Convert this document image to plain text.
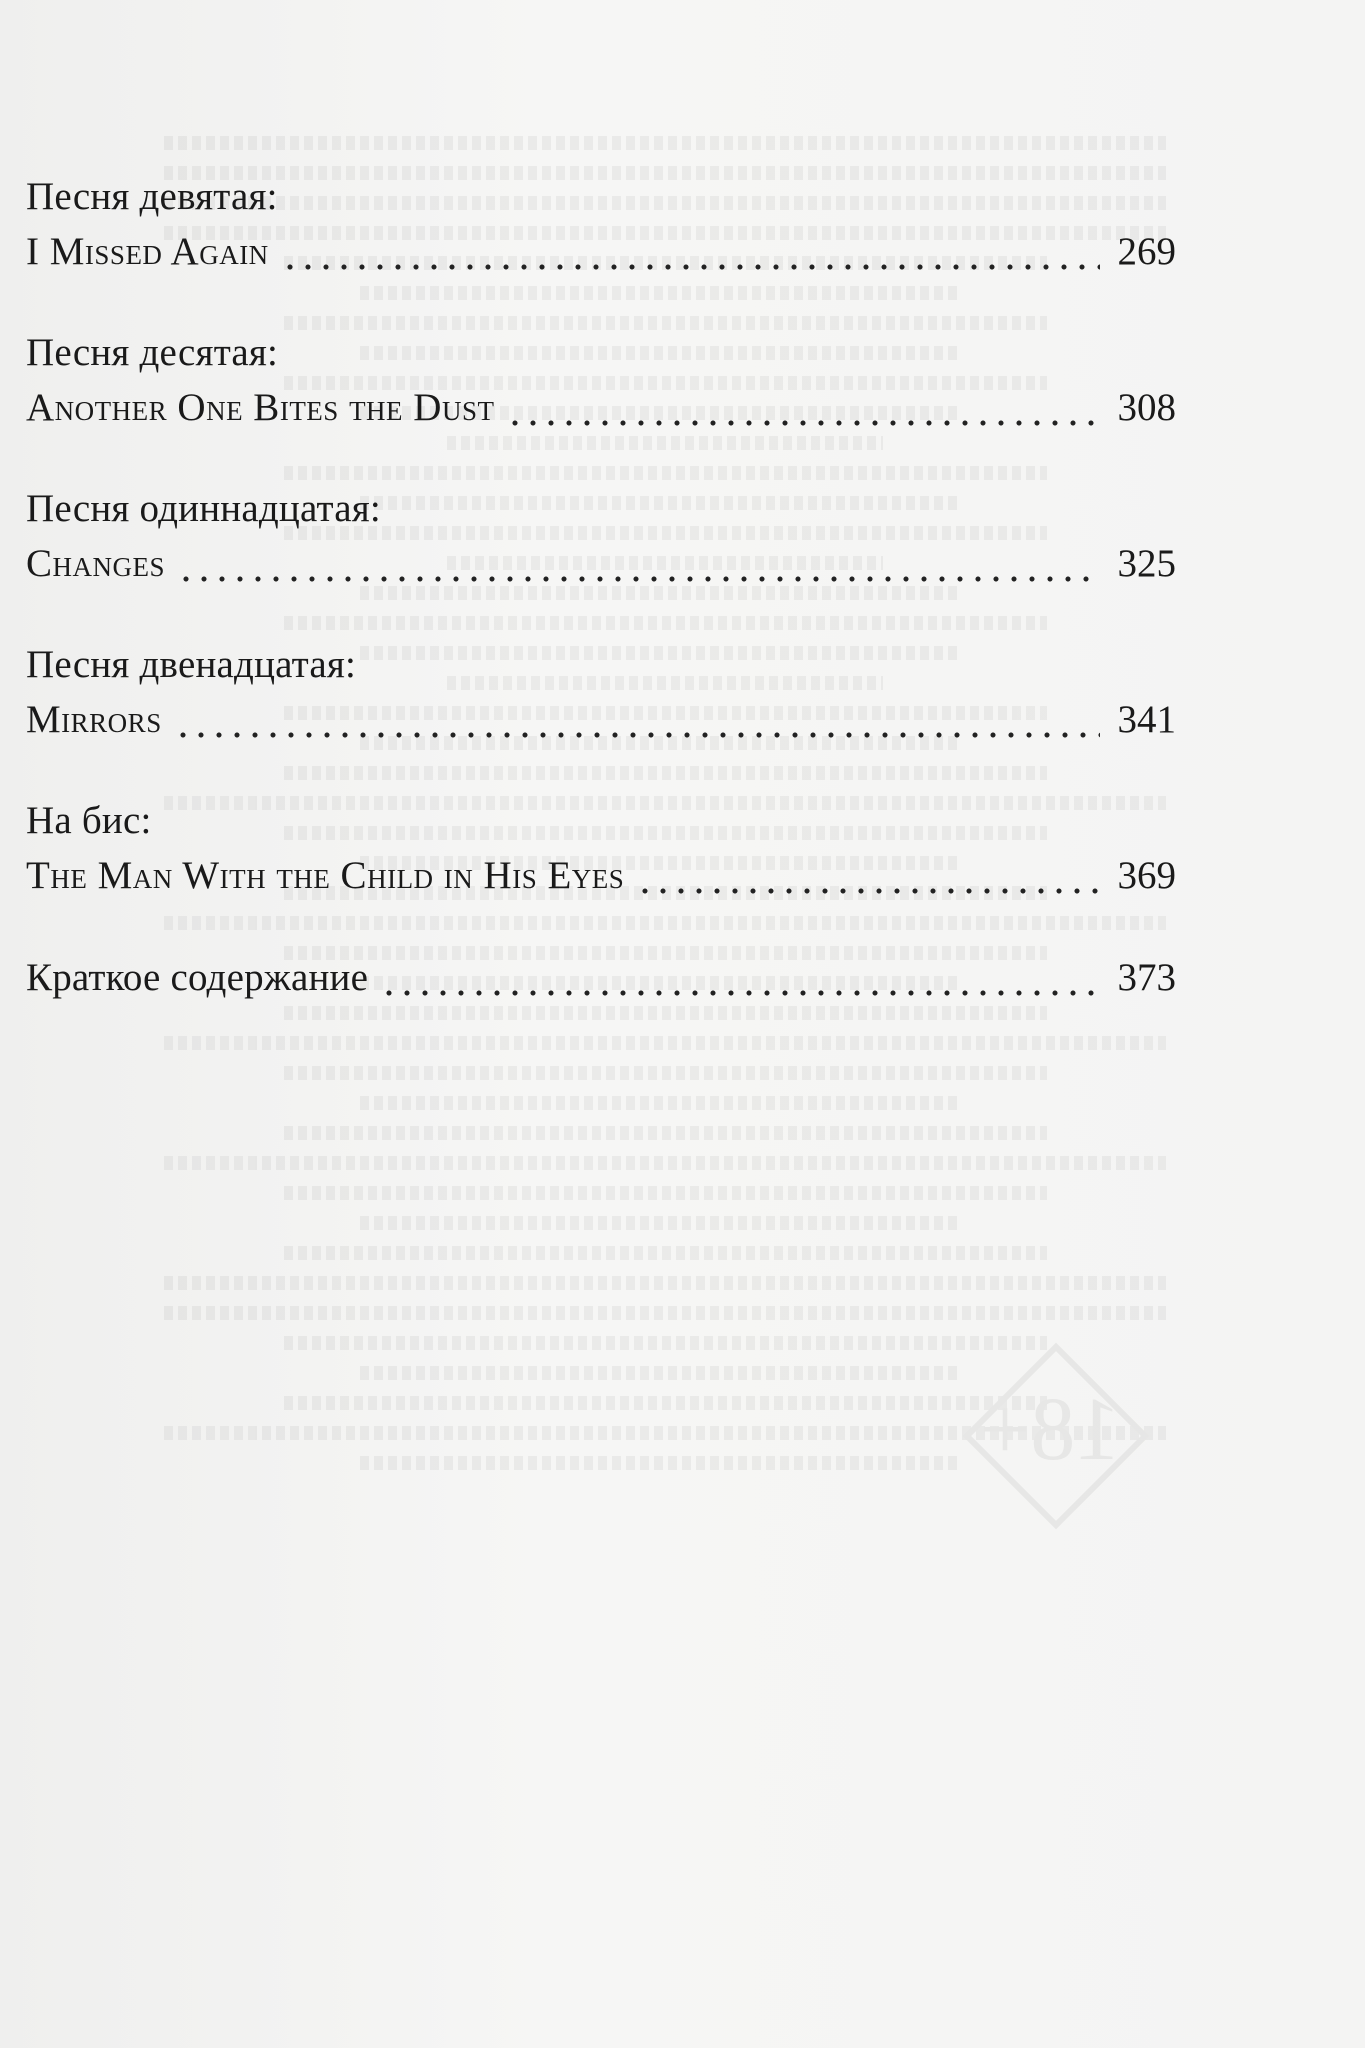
18+
Песня девятая:
I Missed Again	269
Песня десятая:
Another One Bites the Dust	308
Песня одиннадцатая:
Changes	325
Песня двенадцатая:
Mirrors	341
На бис:
The Man With the Child in His Eyes	369
Краткое содержание	373
